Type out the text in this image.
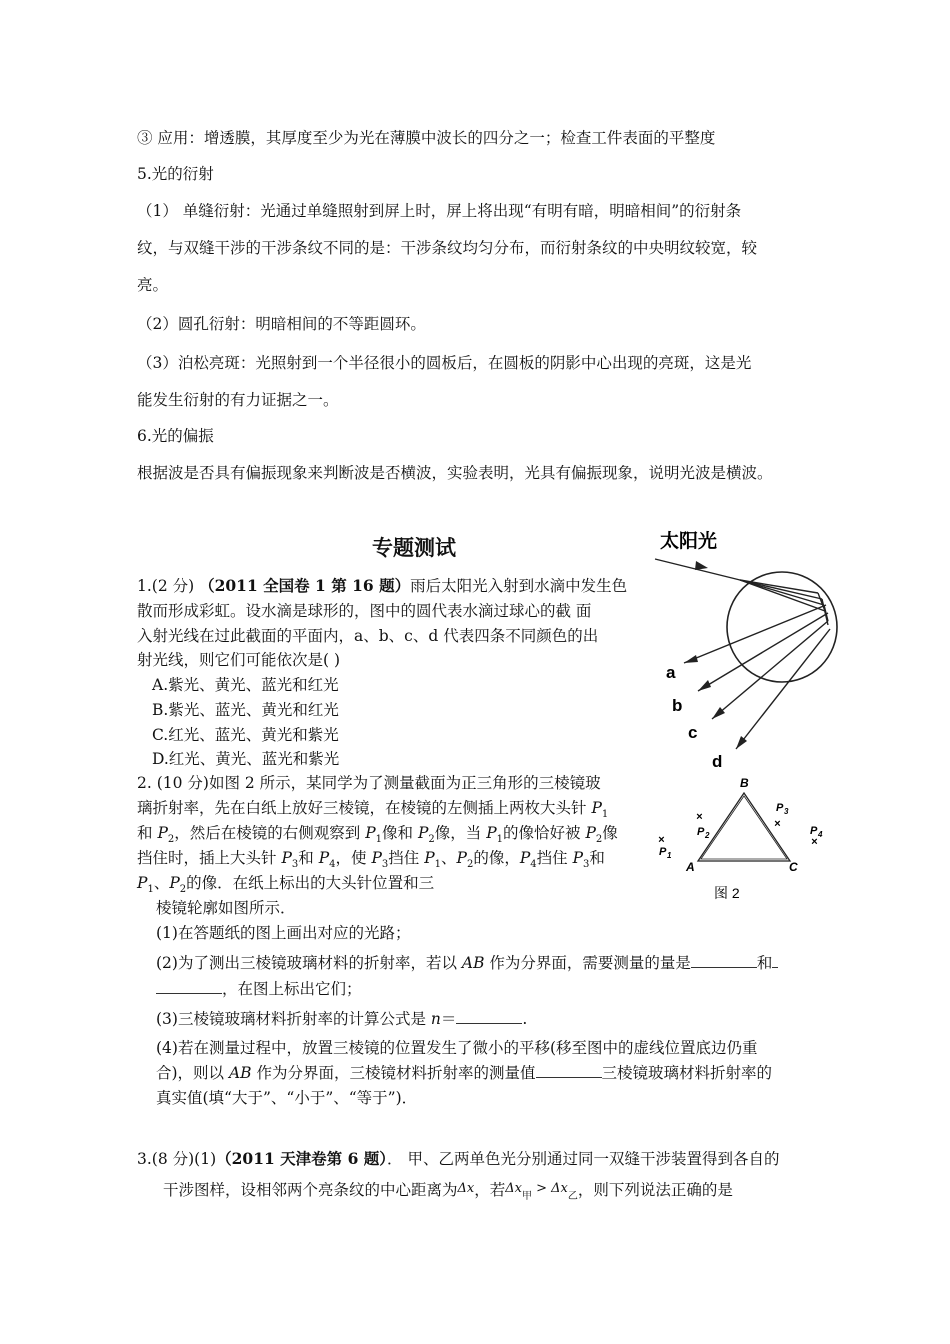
③ 应用：增透膜，其厚度至少为光在薄膜中波长的四分之一；检查工件表面的平整度
5.光的衍射
（1） 单缝衍射：光通过单缝照射到屏上时，屏上将出现“有明有暗，明暗相间”的衍射条
纹，与双缝干涉的干涉条纹不同的是：干涉条纹均匀分布，而衍射条纹的中央明纹较宽，较
亮。
（2）圆孔衍射：明暗相间的不等距圆环。
（3）泊松亮斑：光照射到一个半径很小的圆板后，在圆板的阴影中心出现的亮斑，这是光
能发生衍射的有力证据之一。
6.光的偏振
根据波是否具有偏振现象来判断波是否横波，实验表明，光具有偏振现象，说明光波是横波。
专题测试
1.(2 分) （2011 全国卷 1 第 16 题）雨后太阳光入射到水滴中发生色
散而形成彩虹。设水滴是球形的，图中的圆代表水滴过球心的截 面
入射光线在过此截面的平面内，a、b、c、d 代表四条不同颜色的出
射光线，则它们可能依次是( )
A.紫光、黄光、蓝光和红光
B.紫光、蓝光、黄光和红光
C.红光、蓝光、黄光和紫光
D.红光、黄光、蓝光和紫光
太阳光
a
b
c
d
2. (10 分)如图 2 所示，某同学为了测量截面为正三角形的三棱镜玻
璃折射率，先在白纸上放好三棱镜，在棱镜的左侧插上两枚大头针 $P_1$
和 $P_2$，然后在棱镜的右侧观察到 $P_1$像和 $P_2$像，当 $P_1$的像恰好被 $P_2$像
挡住时，插上大头针 $P_3$和 $P_4$，使 $P_3$挡住 $P_1$、$P_2$的像，$P_4$挡住 $P_3$和
$P_1$、$P_2$的像．在纸上标出的大头针位置和三
棱镜轮廓如图所示．
(1)在答题纸的图上画出对应的光路；
(2)为了测出三棱镜玻璃材料的折射率，若以 AB 作为分界面，需要测量的量是	和
，在图上标出它们；
(3)三棱镜玻璃材料折射率的计算公式是 n＝	.
(4)若在测量过程中，放置三棱镜的位置发生了微小的平移(移至图中的虚线位置底边仍重
合)，则以 AB 作为分界面，三棱镜材料折射率的测量值	三棱镜玻璃材料折射率的
真实值(填“大于”、“小于”、“等于”)．
B
A	C
×
P 1
×
P 2
×
P 3
×
P 4
图 2
3.(8 分)(1)（2011 天津卷第 6 题）． 甲、乙两单色光分别通过同一双缝干涉装置得到各自的
干涉图样，设相邻两个亮条纹的中心距离为Δx，若$\Delta x_甲 > \Delta x_乙$，则下列说法正确的是
